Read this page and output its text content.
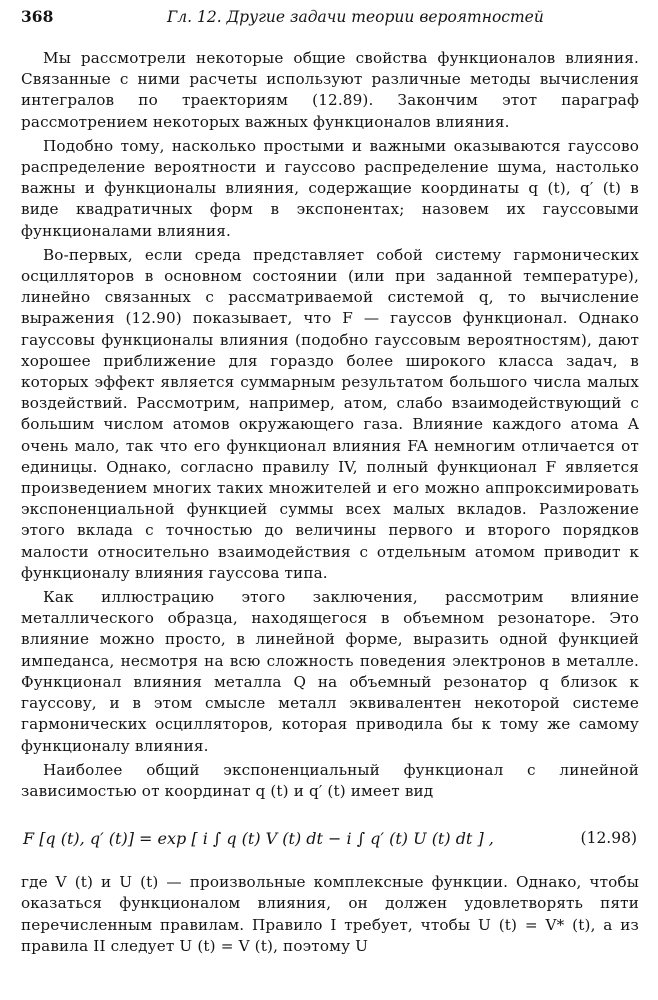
368	Гл. 12. Другие задачи теории вероятностей

Мы рассмотрели некоторые общие свойства функционалов влияния. Связанные с ними расчеты используют различные методы вычисления интегралов по траекториям (12.89). Закончим этот параграф рассмотрением некоторых важных функционалов влияния.

Подобно тому, насколько простыми и важными оказываются гауссово распределение вероятности и гауссово распределение шума, настолько важны и функционалы влияния, содержащие координаты q (t), q′ (t) в виде квадратичных форм в экспонентах; назовем их гауссовыми функционалами влияния.

Во-первых, если среда представляет собой систему гармонических осцилляторов в основном состоянии (или при заданной температуре), линейно связанных с рассматриваемой системой q, то вычисление выражения (12.90) показывает, что F — гауссов функционал. Однако гауссовы функционалы влияния (подобно гауссовым вероятностям), дают хорошее приближение для гораздо более широкого класса задач, в которых эффект является суммарным результатом большого числа малых воздействий. Рассмотрим, например, атом, слабо взаимодействующий с большим числом атомов окружающего газа. Влияние каждого атома A очень мало, так что его функционал влияния FA немногим отличается от единицы. Однако, согласно правилу IV, полный функционал F является произведением многих таких множителей и его можно аппроксимировать экспоненциальной функцией суммы всех малых вкладов. Разложение этого вклада с точностью до величины первого и второго порядков малости относительно взаимодействия с отдельным атомом приводит к функционалу влияния гауссова типа.

Как иллюстрацию этого заключения, рассмотрим влияние металлического образца, находящегося в объемном резонаторе. Это влияние можно просто, в линейной форме, выразить одной функцией импеданса, несмотря на всю сложность поведения электронов в металле. Функционал влияния металла Q на объемный резонатор q близок к гауссову, и в этом смысле металл эквивалентен некоторой системе гармонических осцилляторов, которая приводила бы к тому же самому функционалу влияния.

Наиболее общий экспоненциальный функционал с линейной зависимостью от координат q (t) и q′ (t) имеет вид

F [q (t), q′ (t)] = exp [ i ∫ q (t) V (t) dt − i ∫ q′ (t) U (t) dt ] ,	(12.98)

где V (t) и U (t) — произвольные комплексные функции. Однако, чтобы оказаться функционалом влияния, он должен удовлетворять пяти перечисленным правилам. Правило I требует, чтобы U (t) = V* (t), а из правила II следует U (t) = V (t), поэтому U
